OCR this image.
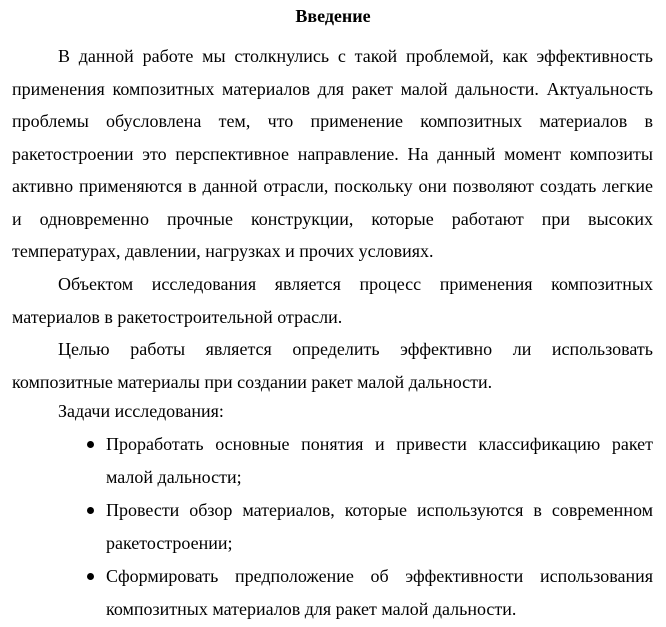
Введение

В данной работе мы столкнулись с такой проблемой, как эффективность применения композитных материалов для ракет малой дальности. Актуальность проблемы обусловлена тем, что применение композитных материалов в ракетостроении это перспективное направление. На данный момент композиты активно применяются в данной отрасли, поскольку они позволяют создать легкие и одновременно прочные конструкции, которые работают при высоких температурах, давлении, нагрузках и прочих условиях.

Объектом исследования является процесс применения композитных материалов в ракетостроительной отрасли.

Целью работы является определить эффективно ли использовать композитные материалы при создании ракет малой дальности.

Задачи исследования:

Проработать основные понятия и привести классификацию ракет малой дальности;

Провести обзор материалов, которые используются в современном ракетостроении;

Сформировать предположение об эффективности использования композитных материалов для ракет малой дальности.
